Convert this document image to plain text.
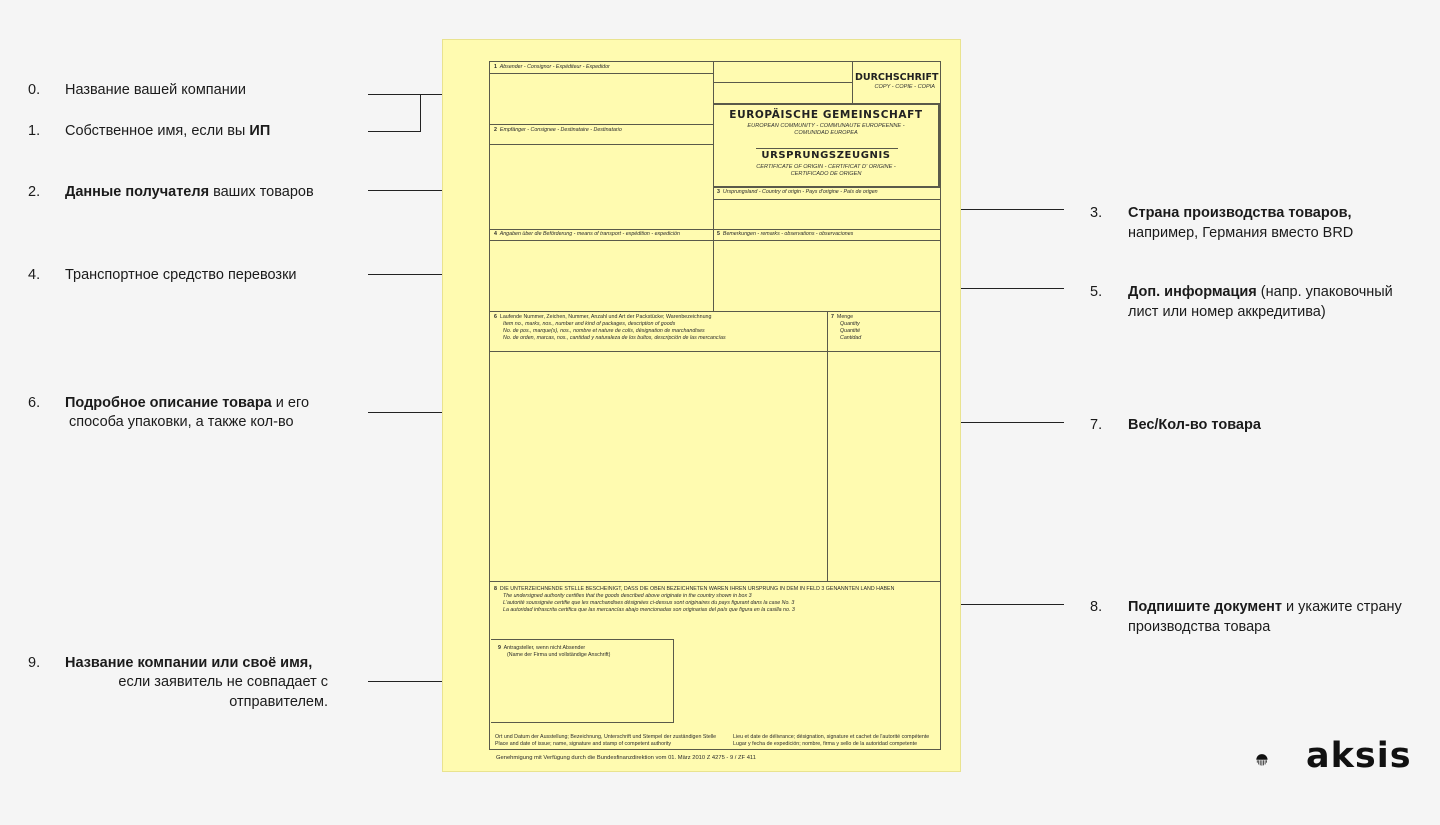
0. Название вашей компании
1. Собственное имя, если вы ИП
2. Данные получателя ваших товаров
4. Транспортное средство перевозки
6. Подробное описание товара и его
способа упаковки, а также кол-во
9. Название компании или своё имя,
если заявитель не совпадает с
отправителем.
3. Страна производства товаров,
например, Германия вместо BRD
5. Доп. информация (напр. упаковочный
лист или номер аккредитива)
7. Вес/Кол-во товара
8. Подпишите документ и укажите страну
производства товара
1 Absender - Consignor - Expéditeur - Expedidor
2 Empfänger - Consignee - Destinataire - Destinatario
3 Ursprungsland - Country of origin - Pays d'origine - País de origen
4 Angaben über die Beförderung - means of transport - expédition - expedición	5 Bemerkungen - remarks - observations - observaciones
6 Laufende Nummer, Zeichen, Nummer, Anzahl und Art der Packstücke; Warenbezeichnung
Item no., marks, nos., number and kind of packages, description of goods
No. de pos., marque(s), nos., nombre et nature de colis, désignation de marchandises
No. de orden, marcas, nos., cantidad y naturaleza de los bultos, descripción de las mercancías
7 Menge
Quantity
Quantité
Cantidad
8 DIE UNTERZEICHNENDE STELLE BESCHEINIGT, DASS DIE OBEN BEZEICHNETEN WAREN IHREN URSPRUNG IN DEM IN FELD 3 GENANNTEN LAND HABEN
The undersigned authority certifies that the goods described above originate in the country shown in box 3
L'autorité soussignée certifie que les marchandises désignées ci-dessus sont originaires du pays figurant dans la case No. 3
La autoridad infrascrita certifica que las mercancías abajo mencionadas son originarias del país que figura en la casilla no. 3
9 Antragsteller, wenn nicht Absender
(Name der Firma und vollständige Anschrift)
DURCHSCHRIFT
COPY - COPIE - COPIA
EUROPÄISCHE GEMEINSCHAFT
EUROPEAN COMMUNITY - COMMUNAUTE EUROPEENNE -
COMUNIDAD EUROPEA
URSPRUNGSZEUGNIS
CERTIFICATE OF ORIGIN - CERTIFICAT D' ORIGINE -
CERTIFICADO DE ORIGEN
Ort und Datum der Ausstellung; Bezeichnung, Unterschrift und Stempel der zuständigen Stelle
Place and date of issue; name, signature and stamp of competent authority
Lieu et date de délivrance; désignation, signature et cachet de l'autorité compétente
Lugar y fecha de expedición; nombre, firma y sello de la autoridad competente
Genehmigung mit Verfügung durch die Bundesfinanzdirektion vom 01. März 2010 Z 4275 - 9 / ZF 411	aksis
